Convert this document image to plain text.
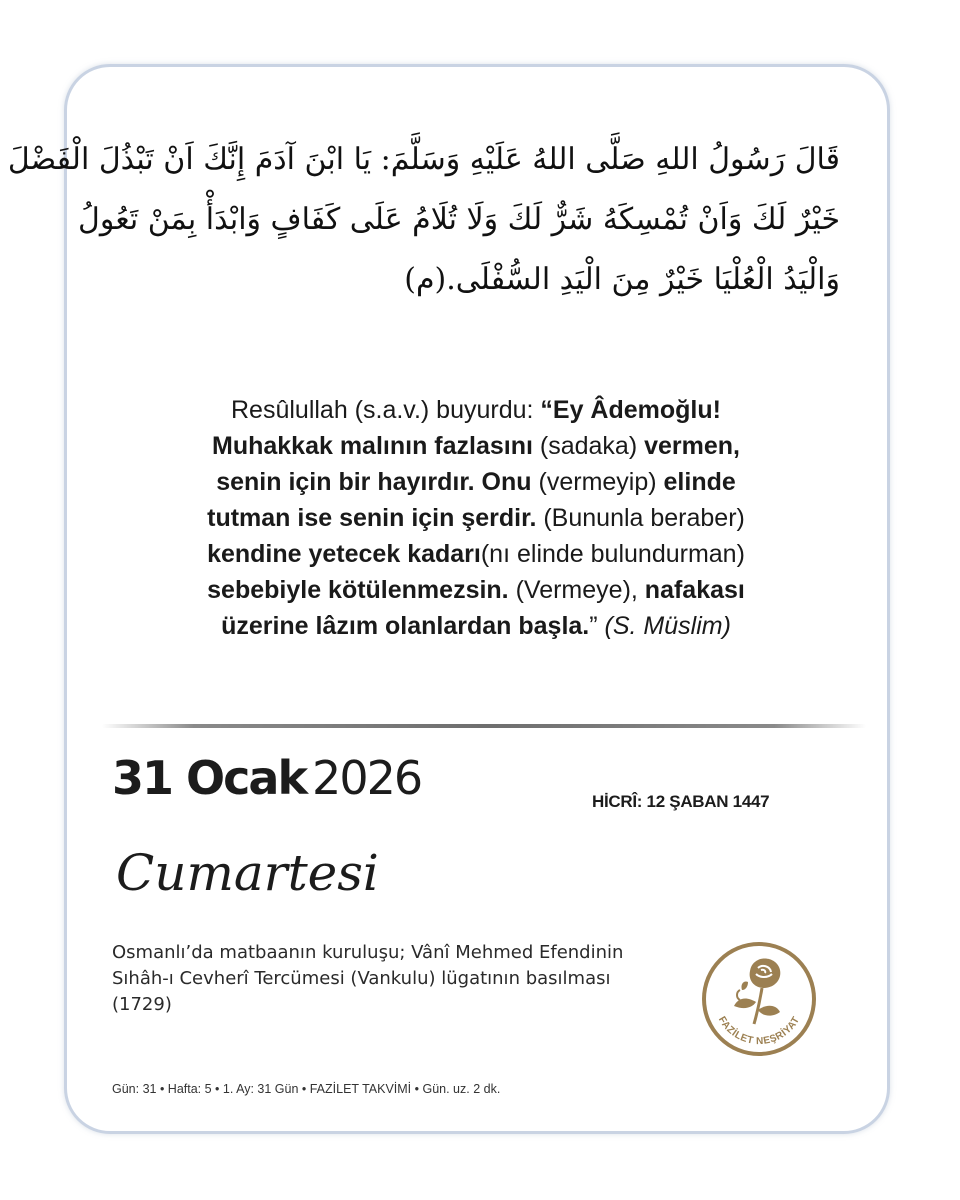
قَالَ رَسُولُ اللهِ صَلَّى اللهُ عَلَيْهِ وَسَلَّمَ: يَا ابْنَ آدَمَ إِنَّكَ اَنْ تَبْذُلَ الْفَضْلَ
خَيْرٌ لَكَ وَاَنْ تُمْسِكَهُ شَرٌّ لَكَ وَلَا تُلَامُ عَلَى كَفَافٍ وَابْدَأْ بِمَنْ تَعُولُ
وَالْيَدُ الْعُلْيَا خَيْرٌ مِنَ الْيَدِ السُّفْلَى.(م)
Resûlullah (s.a.v.) buyurdu: “Ey Âdemoğlu!
Muhakkak malının fazlasını (sadaka) vermen,
senin için bir hayırdır. Onu (vermeyip) elinde
tutman ise senin için şerdir. (Bununla beraber)
kendine yetecek kadarı(nı elinde bulundurman)
sebebiyle kötülenmezsin. (Vermeye), nafakası
üzerine lâzım olanlardan başla.” (S. Müslim)
31 Ocak 2026	HİCRÎ: 12 ŞABAN 1447
Cumartesi
Osmanlı’da matbaanın kuruluşu; Vânî Mehmed Efendinin
Sıhâh-ı Cevherî Tercümesi (Vankulu) lügatının basılması
(1729)
FAZİLET NEŞRİYAT
Gün: 31 • Hafta: 5 • 1. Ay: 31 Gün • FAZİLET TAKVİMİ • Gün. uz. 2 dk.
